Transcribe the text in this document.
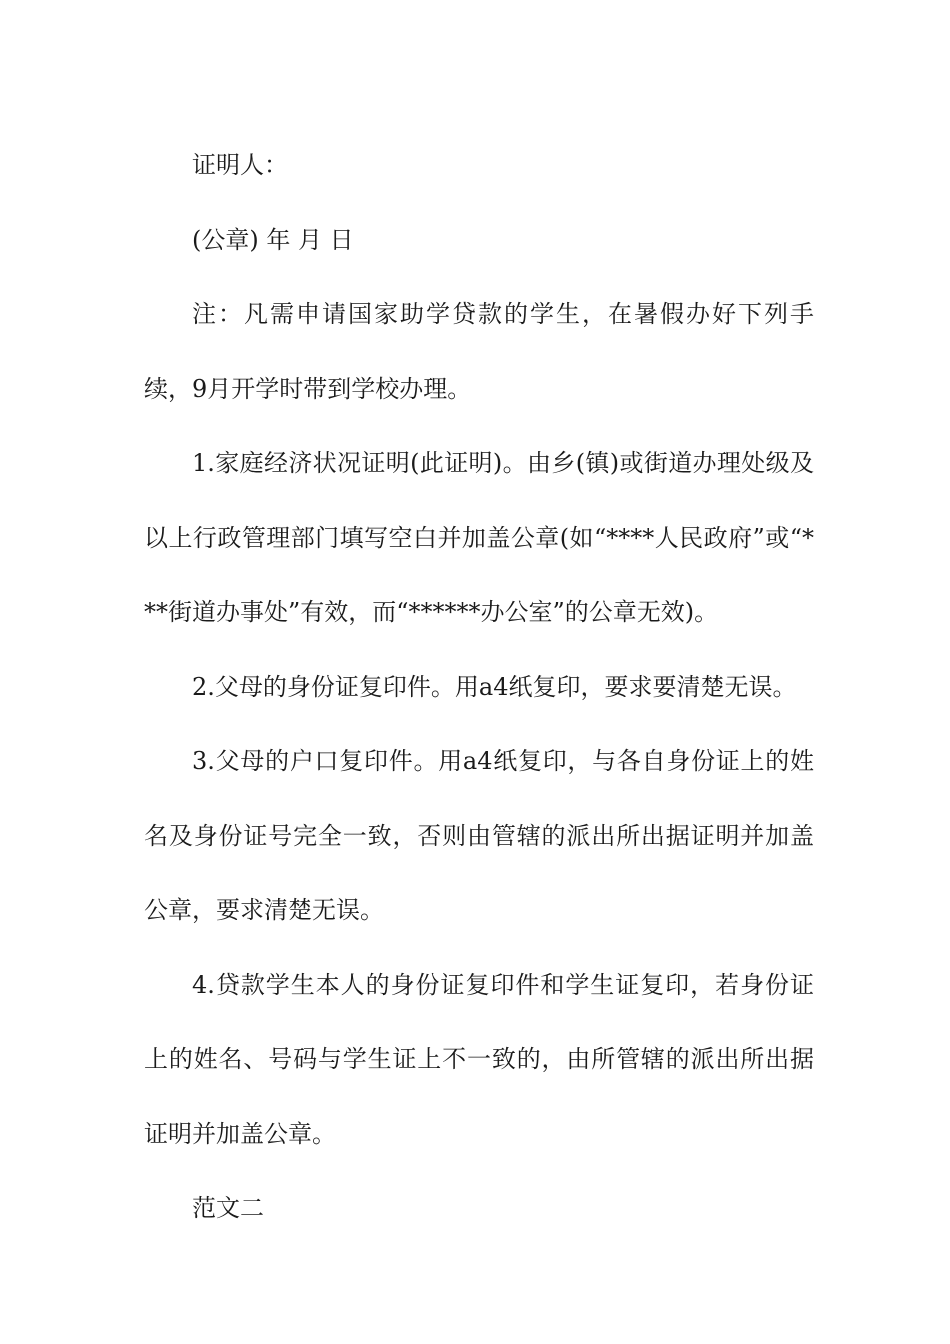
证明人：

(公章) 年 月 日

注：凡需申请国家助学贷款的学生，在暑假办好下列手续，9月开学时带到学校办理。

1.家庭经济状况证明(此证明)。由乡(镇)或街道办理处级及以上行政管理部门填写空白并加盖公章(如“****人民政府”或“***街道办事处”有效，而“******办公室”的公章无效)。

2.父母的身份证复印件。用a4纸复印，要求要清楚无误。

3.父母的户口复印件。用a4纸复印，与各自身份证上的姓名及身份证号完全一致，否则由管辖的派出所出据证明并加盖公章，要求清楚无误。

4.贷款学生本人的身份证复印件和学生证复印，若身份证上的姓名、号码与学生证上不一致的，由所管辖的派出所出据证明并加盖公章。

范文二
